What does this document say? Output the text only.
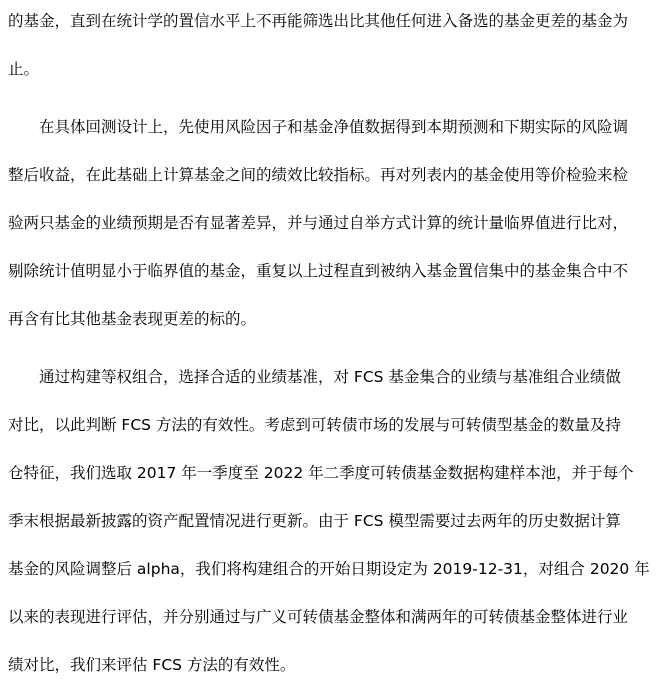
的基金，直到在统计学的置信水平上不再能筛选出比其他任何进入备选的基金更差的基金为
止。
在具体回测设计上，先使用风险因子和基金净值数据得到本期预测和下期实际的风险调
整后收益，在此基础上计算基金之间的绩效比较指标。再对列表内的基金使用等价检验来检
验两只基金的业绩预期是否有显著差异，并与通过自举方式计算的统计量临界值进行比对，
剔除统计值明显小于临界值的基金，重复以上过程直到被纳入基金置信集中的基金集合中不
再含有比其他基金表现更差的标的。
通过构建等权组合，选择合适的业绩基准，对 FCS 基金集合的业绩与基准组合业绩做
对比，以此判断 FCS 方法的有效性。考虑到可转债市场的发展与可转债型基金的数量及持
仓特征，我们选取 2017 年一季度至 2022 年二季度可转债基金数据构建样本池，并于每个
季末根据最新披露的资产配置情况进行更新。由于 FCS 模型需要过去两年的历史数据计算
基金的风险调整后 alpha，我们将构建组合的开始日期设定为 2019-12-31，对组合 2020 年
以来的表现进行评估，并分别通过与广义可转债基金整体和满两年的可转债基金整体进行业
绩对比，我们来评估 FCS 方法的有效性。
